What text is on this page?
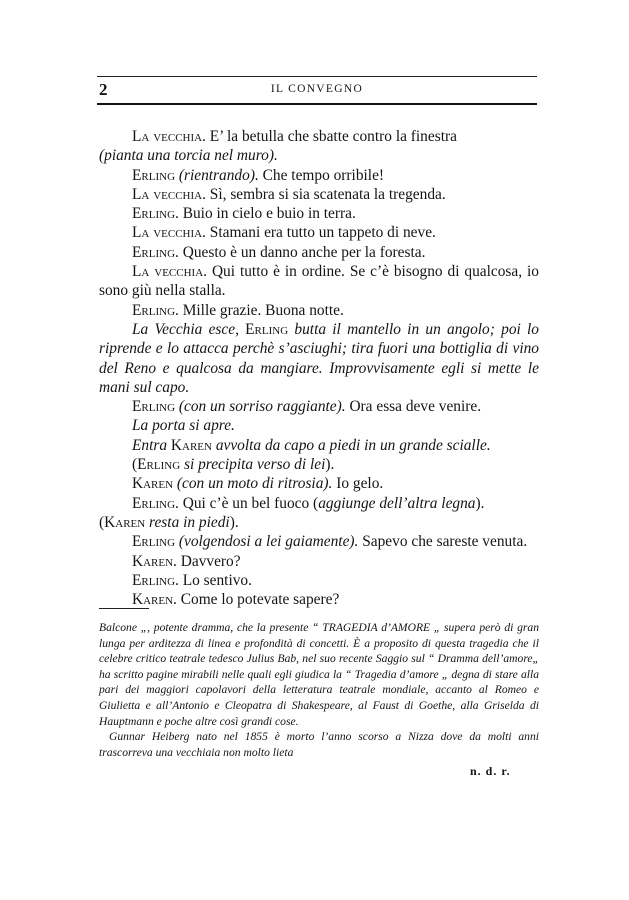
2	IL CONVEGNO

La vecchia. E’ la betulla che sbatte contro la finestra

(pianta una torcia nel muro).

Erling (rientrando). Che tempo orribile!

La vecchia. Sì, sembra si sia scatenata la tregenda.

Erling. Buio in cielo e buio in terra.

La vecchia. Stamani era tutto un tappeto di neve.

Erling. Questo è un danno anche per la foresta.

La vecchia. Qui tutto è in ordine. Se c’è bisogno di qualcosa, io sono giù nella stalla.

Erling. Mille grazie. Buona notte.

La Vecchia esce, Erling butta il mantello in un angolo; poi lo riprende e lo attacca perchè s’asciughi; tira fuori una bottiglia di vino del Reno e qualcosa da mangiare. Improvvisamente egli si mette le mani sul capo.

Erling (con un sorriso raggiante). Ora essa deve venire.

La porta si apre.

Entra Karen avvolta da capo a piedi in un grande scialle.

(Erling si precipita verso di lei).

Karen (con un moto di ritrosia). Io gelo.

Erling. Qui c’è un bel fuoco (aggiunge dell’altra legna).

(Karen resta in piedi).

Erling (volgendosi a lei gaiamente). Sapevo che sareste venuta.

Karen. Davvero?

Erling. Lo sentivo.

Karen. Come lo potevate sapere?

Balcone „, potente dramma, che la presente “ TRAGEDIA d’AMORE „ supera però di gran lunga per arditezza di linea e profondità di concetti. È a proposito di questa tragedia che il celebre critico teatrale tedesco Julius Bab, nel suo recente Saggio sul “ Dramma dell’amore„ ha scritto pagine mirabili nelle quali egli giudica la “ Tragedia d’amore „ degna di stare alla pari dei maggiori capolavori della letteratura teatrale mondiale, accanto al Romeo e Giulietta e all’Antonio e Cleopatra di Shakespeare, al Faust di Goethe, alla Griselda di Hauptmann e poche altre così grandi cose.

Gunnar Heiberg nato nel 1855 è morto l’anno scorso a Nizza dove da molti anni trascorreva una vecchiaia non molto lieta

n. d. r.
